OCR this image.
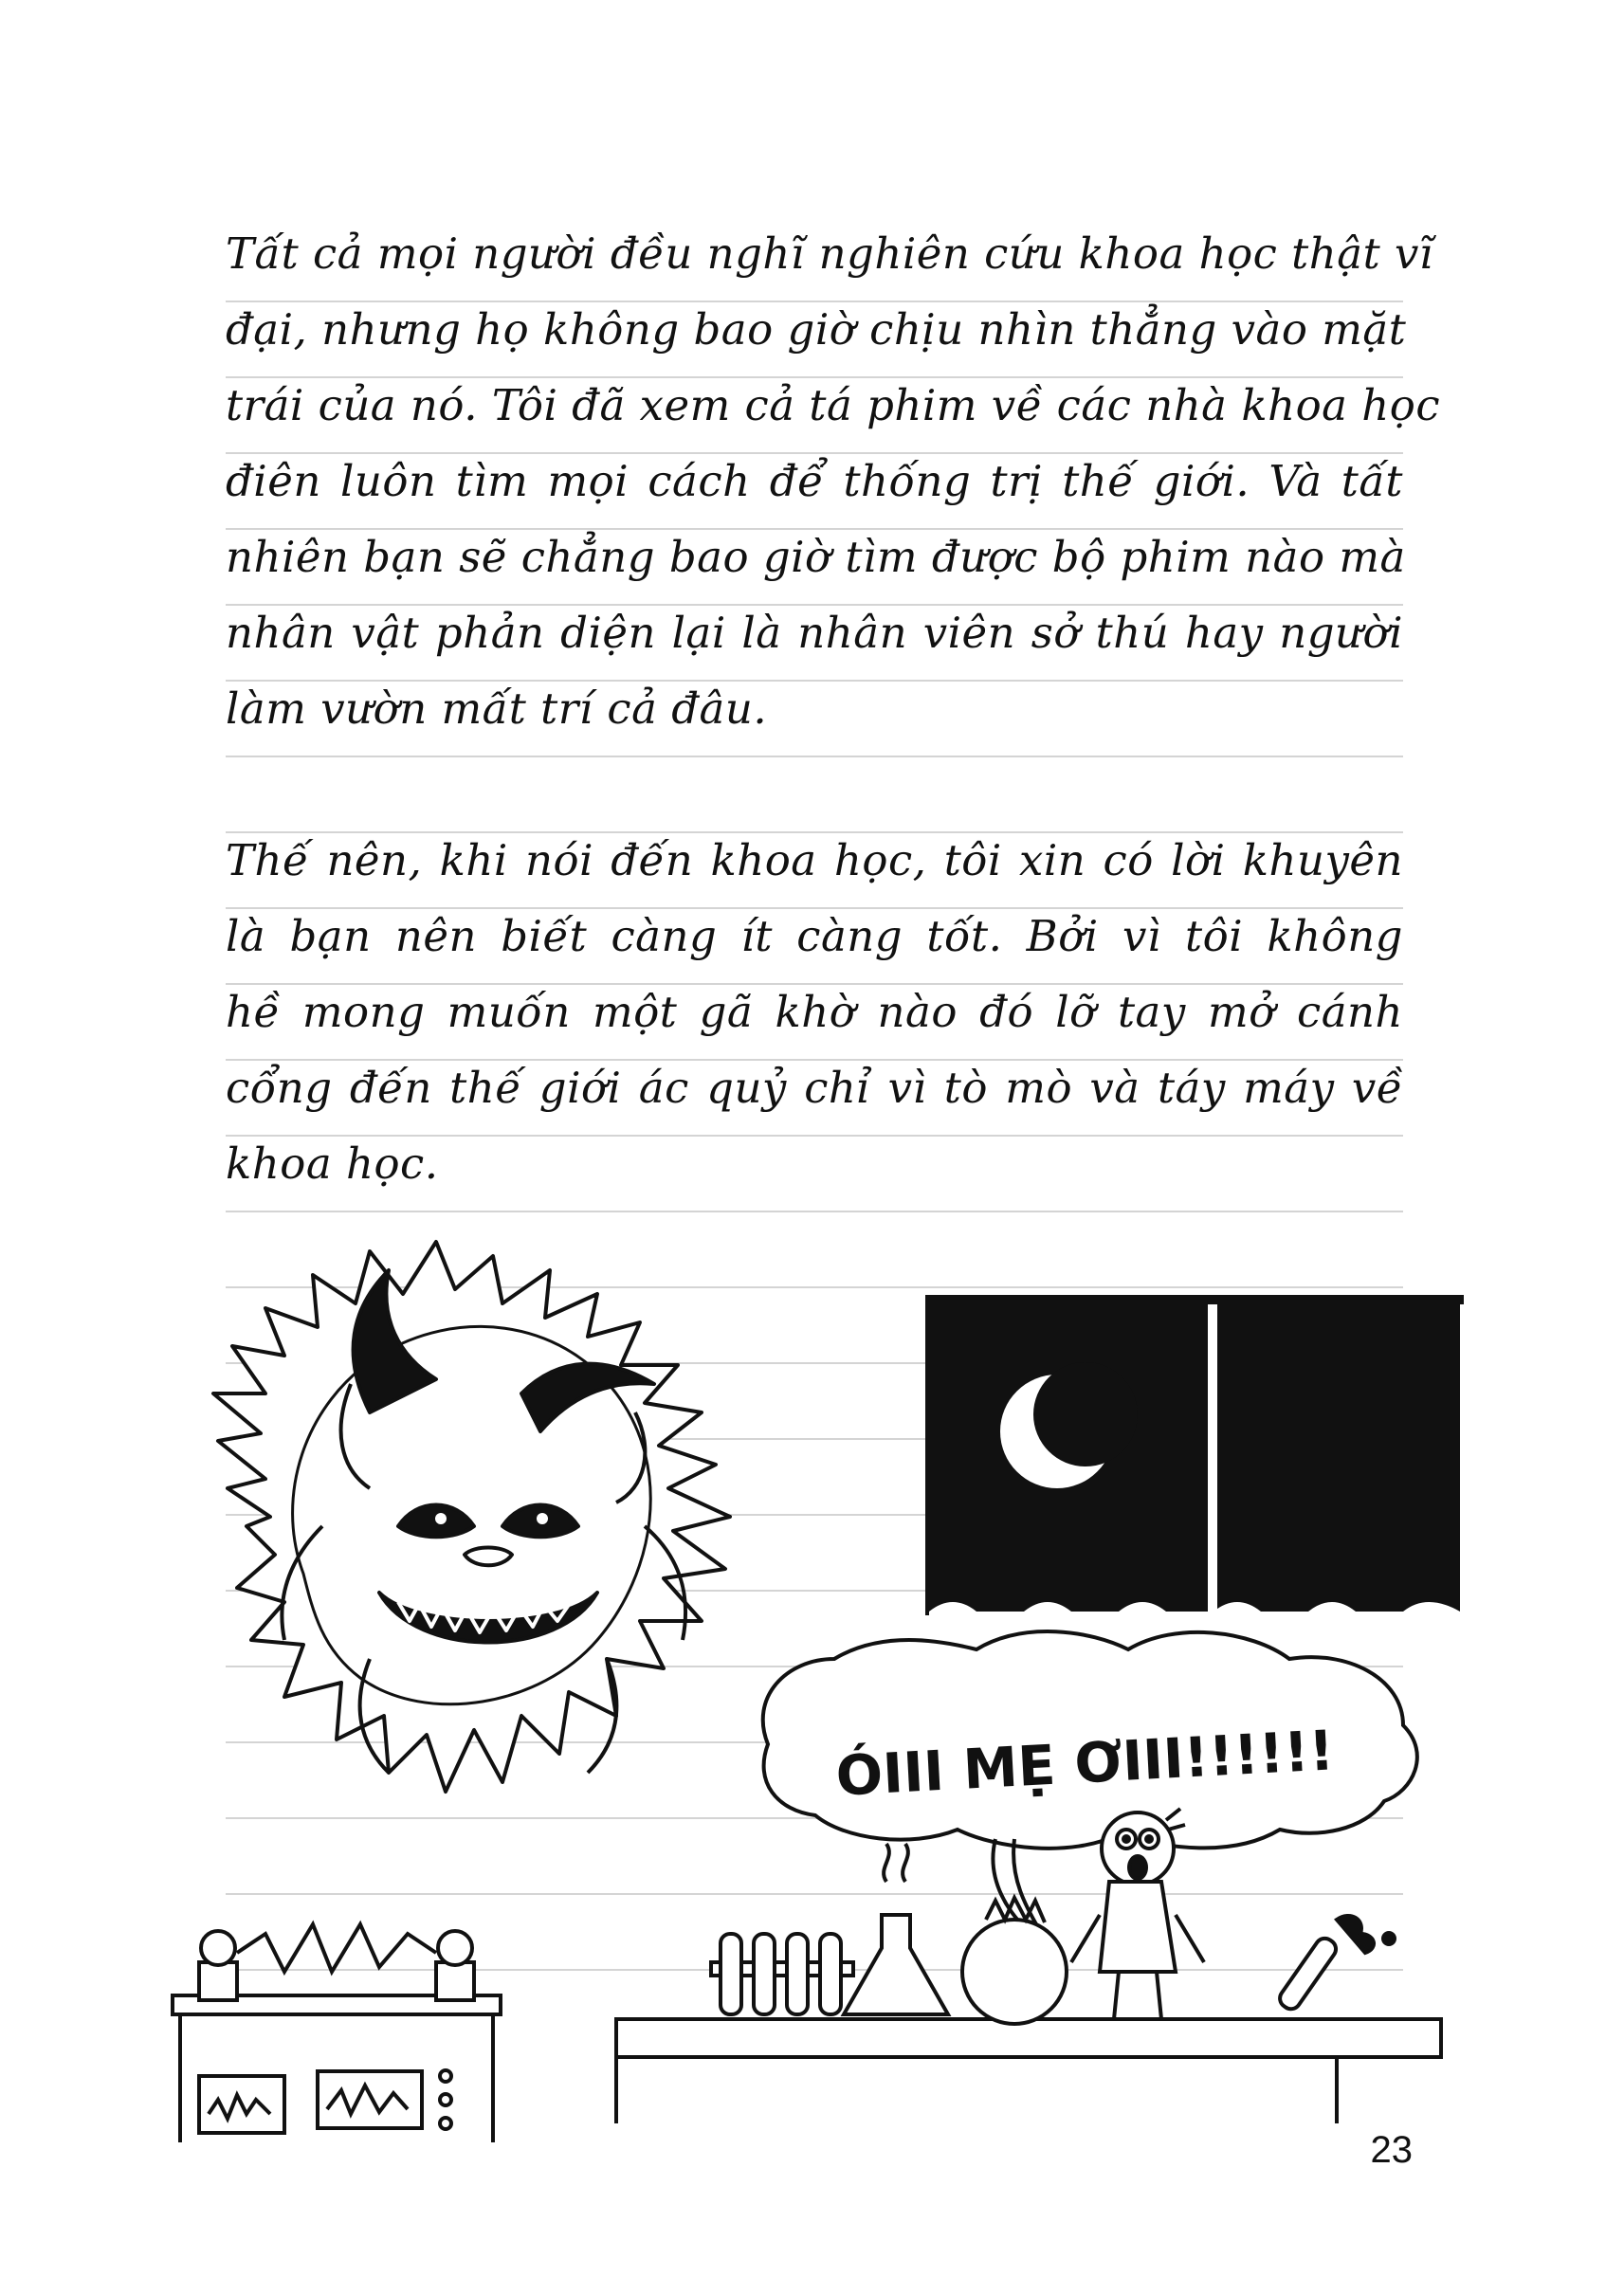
Tất cả mọi người đều nghĩ nghiên cứu khoa học thật vĩ
đại, nhưng họ không bao giờ chịu nhìn thẳng vào mặt
trái của nó. Tôi đã xem cả tá phim về các nhà khoa học
điên luôn tìm mọi cách để thống trị thế giới. Và tất
nhiên bạn sẽ chẳng bao giờ tìm được bộ phim nào mà
nhân vật phản diện lại là nhân viên sở thú hay người
làm vườn mất trí cả đâu.
Thế nên, khi nói đến khoa học, tôi xin có lời khuyên
là bạn nên biết càng ít càng tốt. Bởi vì tôi không
hề mong muốn một gã khờ nào đó lỡ tay mở cánh
cổng đến thế giới ác quỷ chỉ vì tò mò và táy máy về
khoa học.
ÓIII MẸ ƠIII!!!!!!
23
